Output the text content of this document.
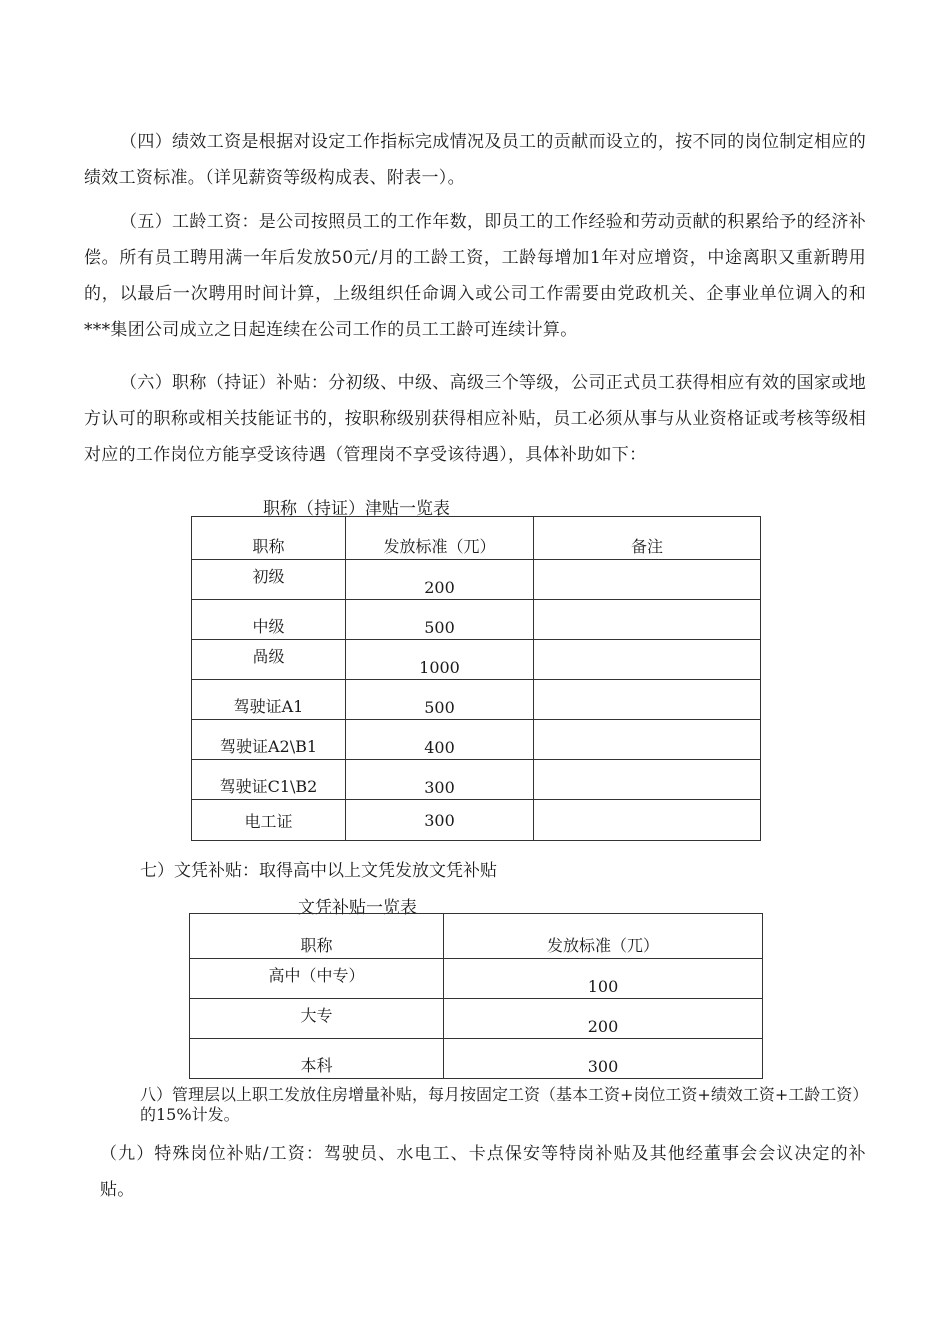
（四）绩效工资是根据对设定工作指标完成情况及员工的贡献而设立的，按不同的岗位制定相应的绩效工资标准。（详见薪资等级构成表、附表一）。

（五）工龄工资：是公司按照员工的工作年数，即员工的工作经验和劳动贡献的积累给予的经济补偿。所有员工聘用满一年后发放50元/月的工龄工资，工龄每增加1年对应增资，中途离职又重新聘用的，以最后一次聘用时间计算，上级组织任命调入或公司工作需要由党政机关、企事业单位调入的和***集团公司成立之日起连续在公司工作的员工工龄可连续计算。

（六）职称（持证）补贴：分初级、中级、高级三个等级，公司正式员工获得相应有效的国家或地方认可的职称或相关技能证书的，按职称级别获得相应补贴，员工必须从事与从业资格证或考核等级相对应的工作岗位方能享受该待遇（管理岗不享受该待遇），具体补助如下：

职称（持证）津贴一览表

职称	发放标准（兀）	备注

初级	200	

中级	500	

咼级	1000	

驾驶证A1	500	

驾驶证A2\B1	400	

驾驶证C1\B2	300	

电工证	300	

七）文凭补贴：取得高中以上文凭发放文凭补贴

文凭补贴一览表

职称	发放标准（兀）

高中（中专）	100

大专	200

本科	300

八）管理层以上职工发放住房增量补贴，每月按固定工资（基本工资+岗位工资+绩效工资+工龄工资）的15%计发。

（九）特殊岗位补贴/工资：驾驶员、水电工、卡点保安等特岗补贴及其他经董事会会议决定的补贴。
